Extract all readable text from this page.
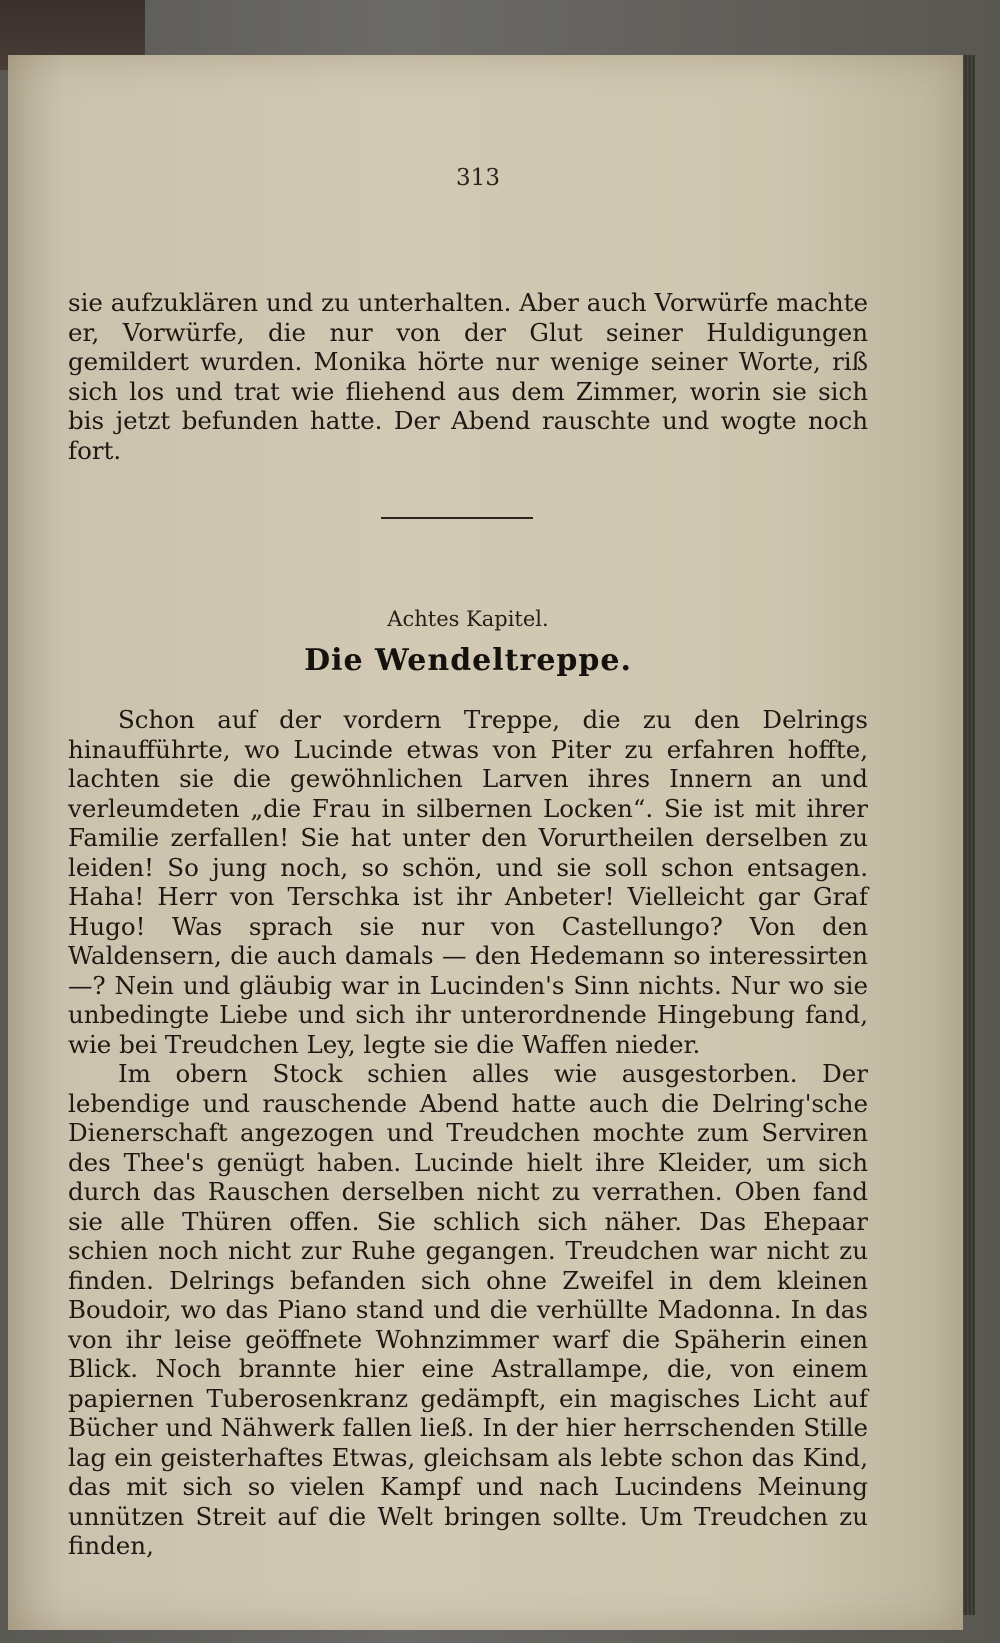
313

sie aufzuklären und zu unterhalten. Aber auch Vorwürfe machte er, Vorwürfe, die nur von der Glut seiner Huldigungen gemildert wurden. Monika hörte nur wenige seiner Worte, riß sich los und trat wie fliehend aus dem Zimmer, worin sie sich bis jetzt befunden hatte. Der Abend rauschte und wogte noch fort.

Achtes Kapitel.
Die Wendeltreppe.

Schon auf der vordern Treppe, die zu den Delrings hinaufführte, wo Lucinde etwas von Piter zu erfahren hoffte, lachten sie die gewöhnlichen Larven ihres Innern an und verleumdeten „die Frau in silbernen Locken“. Sie ist mit ihrer Familie zerfallen! Sie hat unter den Vorurtheilen derselben zu leiden! So jung noch, so schön, und sie soll schon entsagen. Haha! Herr von Terschka ist ihr Anbeter! Vielleicht gar Graf Hugo! Was sprach sie nur von Castellungo? Von den Waldensern, die auch damals — den Hedemann so interessirten —? Nein und gläubig war in Lucinden's Sinn nichts. Nur wo sie unbedingte Liebe und sich ihr unterordnende Hingebung fand, wie bei Treudchen Ley, legte sie die Waffen nieder.

Im obern Stock schien alles wie ausgestorben. Der lebendige und rauschende Abend hatte auch die Delring'sche Dienerschaft angezogen und Treudchen mochte zum Serviren des Thee's genügt haben. Lucinde hielt ihre Kleider, um sich durch das Rauschen derselben nicht zu verrathen. Oben fand sie alle Thüren offen. Sie schlich sich näher. Das Ehepaar schien noch nicht zur Ruhe gegangen. Treudchen war nicht zu finden. Delrings befanden sich ohne Zweifel in dem kleinen Boudoir, wo das Piano stand und die verhüllte Madonna. In das von ihr leise geöffnete Wohnzimmer warf die Späherin einen Blick. Noch brannte hier eine Astrallampe, die, von einem papiernen Tuberosenkranz gedämpft, ein magisches Licht auf Bücher und Nähwerk fallen ließ. In der hier herrschenden Stille lag ein geisterhaftes Etwas, gleichsam als lebte schon das Kind, das mit sich so vielen Kampf und nach Lucindens Meinung unnützen Streit auf die Welt bringen sollte. Um Treudchen zu finden,
